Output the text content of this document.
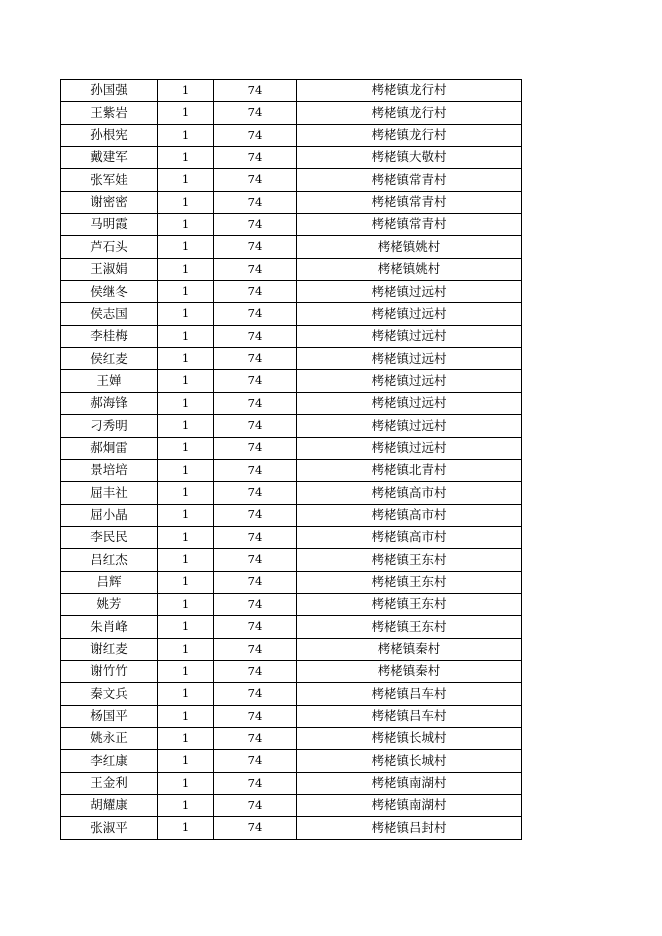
孙国强	1	74	栲栳镇龙行村
王紫岩	1	74	栲栳镇龙行村
孙根宪	1	74	栲栳镇龙行村
戴建军	1	74	栲栳镇大敬村
张军娃	1	74	栲栳镇常青村
谢密密	1	74	栲栳镇常青村
马明霞	1	74	栲栳镇常青村
芦石头	1	74	栲栳镇姚村
王淑娟	1	74	栲栳镇姚村
侯继冬	1	74	栲栳镇过远村
侯志国	1	74	栲栳镇过远村
李桂梅	1	74	栲栳镇过远村
侯红麦	1	74	栲栳镇过远村
王婵	1	74	栲栳镇过远村
郝海锋	1	74	栲栳镇过远村
刁秀明	1	74	栲栳镇过远村
郝炯雷	1	74	栲栳镇过远村
景培培	1	74	栲栳镇北青村
屈丰社	1	74	栲栳镇高市村
屈小晶	1	74	栲栳镇高市村
李民民	1	74	栲栳镇高市村
吕红杰	1	74	栲栳镇王东村
吕辉	1	74	栲栳镇王东村
姚芳	1	74	栲栳镇王东村
朱肖峰	1	74	栲栳镇王东村
谢红麦	1	74	栲栳镇秦村
谢竹竹	1	74	栲栳镇秦村
秦文兵	1	74	栲栳镇吕车村
杨国平	1	74	栲栳镇吕车村
姚永正	1	74	栲栳镇长城村
李红康	1	74	栲栳镇长城村
王金利	1	74	栲栳镇南湖村
胡耀康	1	74	栲栳镇南湖村
张淑平	1	74	栲栳镇吕封村
